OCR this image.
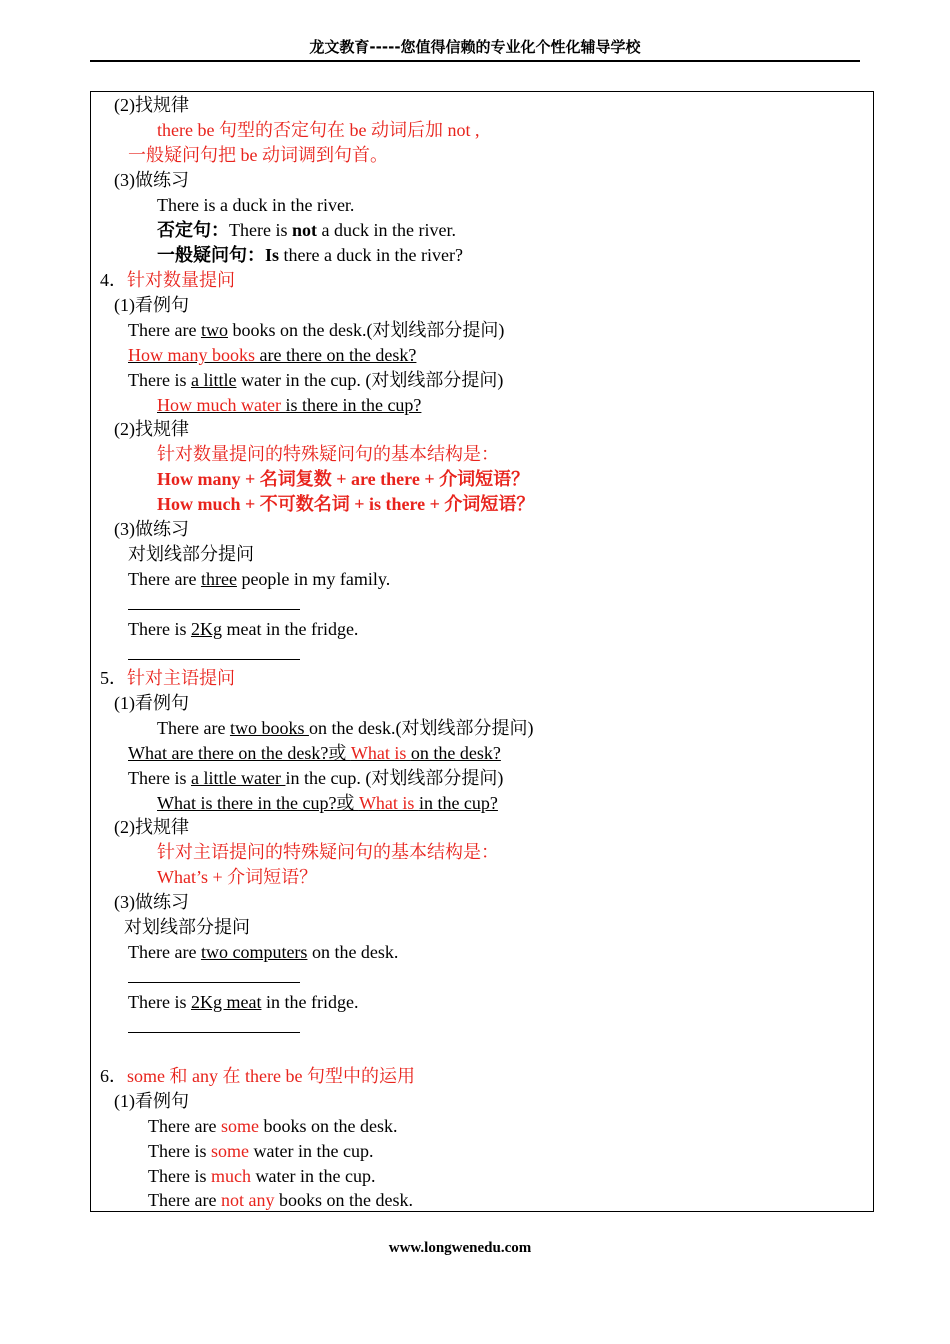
龙文教育-----您值得信赖的专业化个性化辅导学校
(2)找规律
there be 句型的否定句在 be 动词后加 not ,
一般疑问句把 be 动词调到句首。
(3)做练习
There is a duck in the river.
否定句：There is not a duck in the river.
一般疑问句：Is there a duck in the river?
4．针对数量提问
(1)看例句
There are two books on the desk.(对划线部分提问)
How many books are there on the desk?
There is a little water in the cup. (对划线部分提问)
How much water is there in the cup?
(2)找规律
针对数量提问的特殊疑问句的基本结构是：
How many + 名词复数 + are there + 介词短语？
How much + 不可数名词 + is there + 介词短语？
(3)做练习
对划线部分提问
There are three people in my family.
There is 2Kg meat in the fridge.
5．针对主语提问
(1)看例句
There are two books on the desk.(对划线部分提问)
What are there on the desk?或 What is on the desk?
There is a little water in the cup. (对划线部分提问)
What is there in the cup?或 What is in the cup?
(2)找规律
针对主语提问的特殊疑问句的基本结构是：
What’s + 介词短语？
(3)做练习
对划线部分提问
There are two computers on the desk.
There is 2Kg meat in the fridge.
6．some 和 any 在 there be 句型中的运用
(1)看例句
There are some books on the desk.
There is some water in the cup.
There is much water in the cup.
There are not any books on the desk.
www.longwenedu.com
